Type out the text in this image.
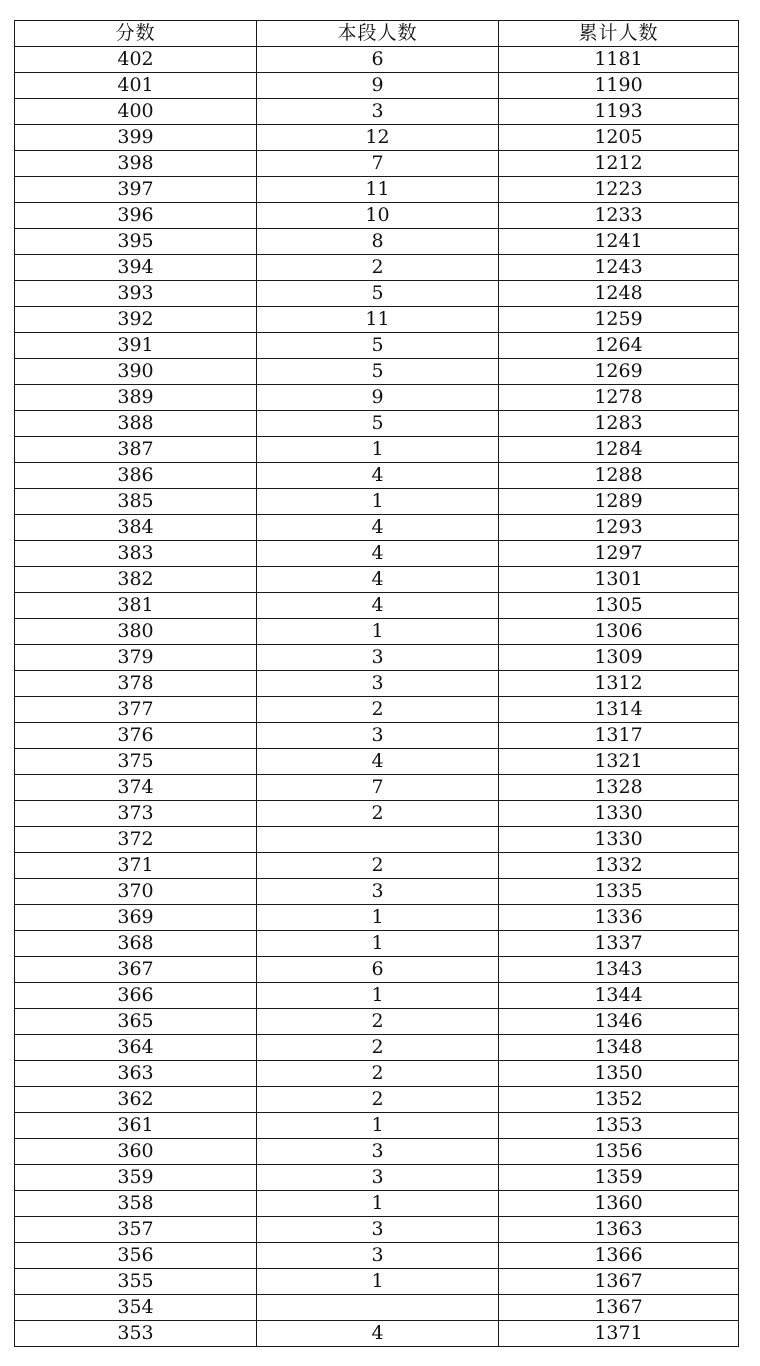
分数	本段人数	累计人数
402	6	1181
401	9	1190
400	3	1193
399	12	1205
398	7	1212
397	11	1223
396	10	1233
395	8	1241
394	2	1243
393	5	1248
392	11	1259
391	5	1264
390	5	1269
389	9	1278
388	5	1283
387	1	1284
386	4	1288
385	1	1289
384	4	1293
383	4	1297
382	4	1301
381	4	1305
380	1	1306
379	3	1309
378	3	1312
377	2	1314
376	3	1317
375	4	1321
374	7	1328
373	2	1330
372		1330
371	2	1332
370	3	1335
369	1	1336
368	1	1337
367	6	1343
366	1	1344
365	2	1346
364	2	1348
363	2	1350
362	2	1352
361	1	1353
360	3	1356
359	3	1359
358	1	1360
357	3	1363
356	3	1366
355	1	1367
354		1367
353	4	1371
